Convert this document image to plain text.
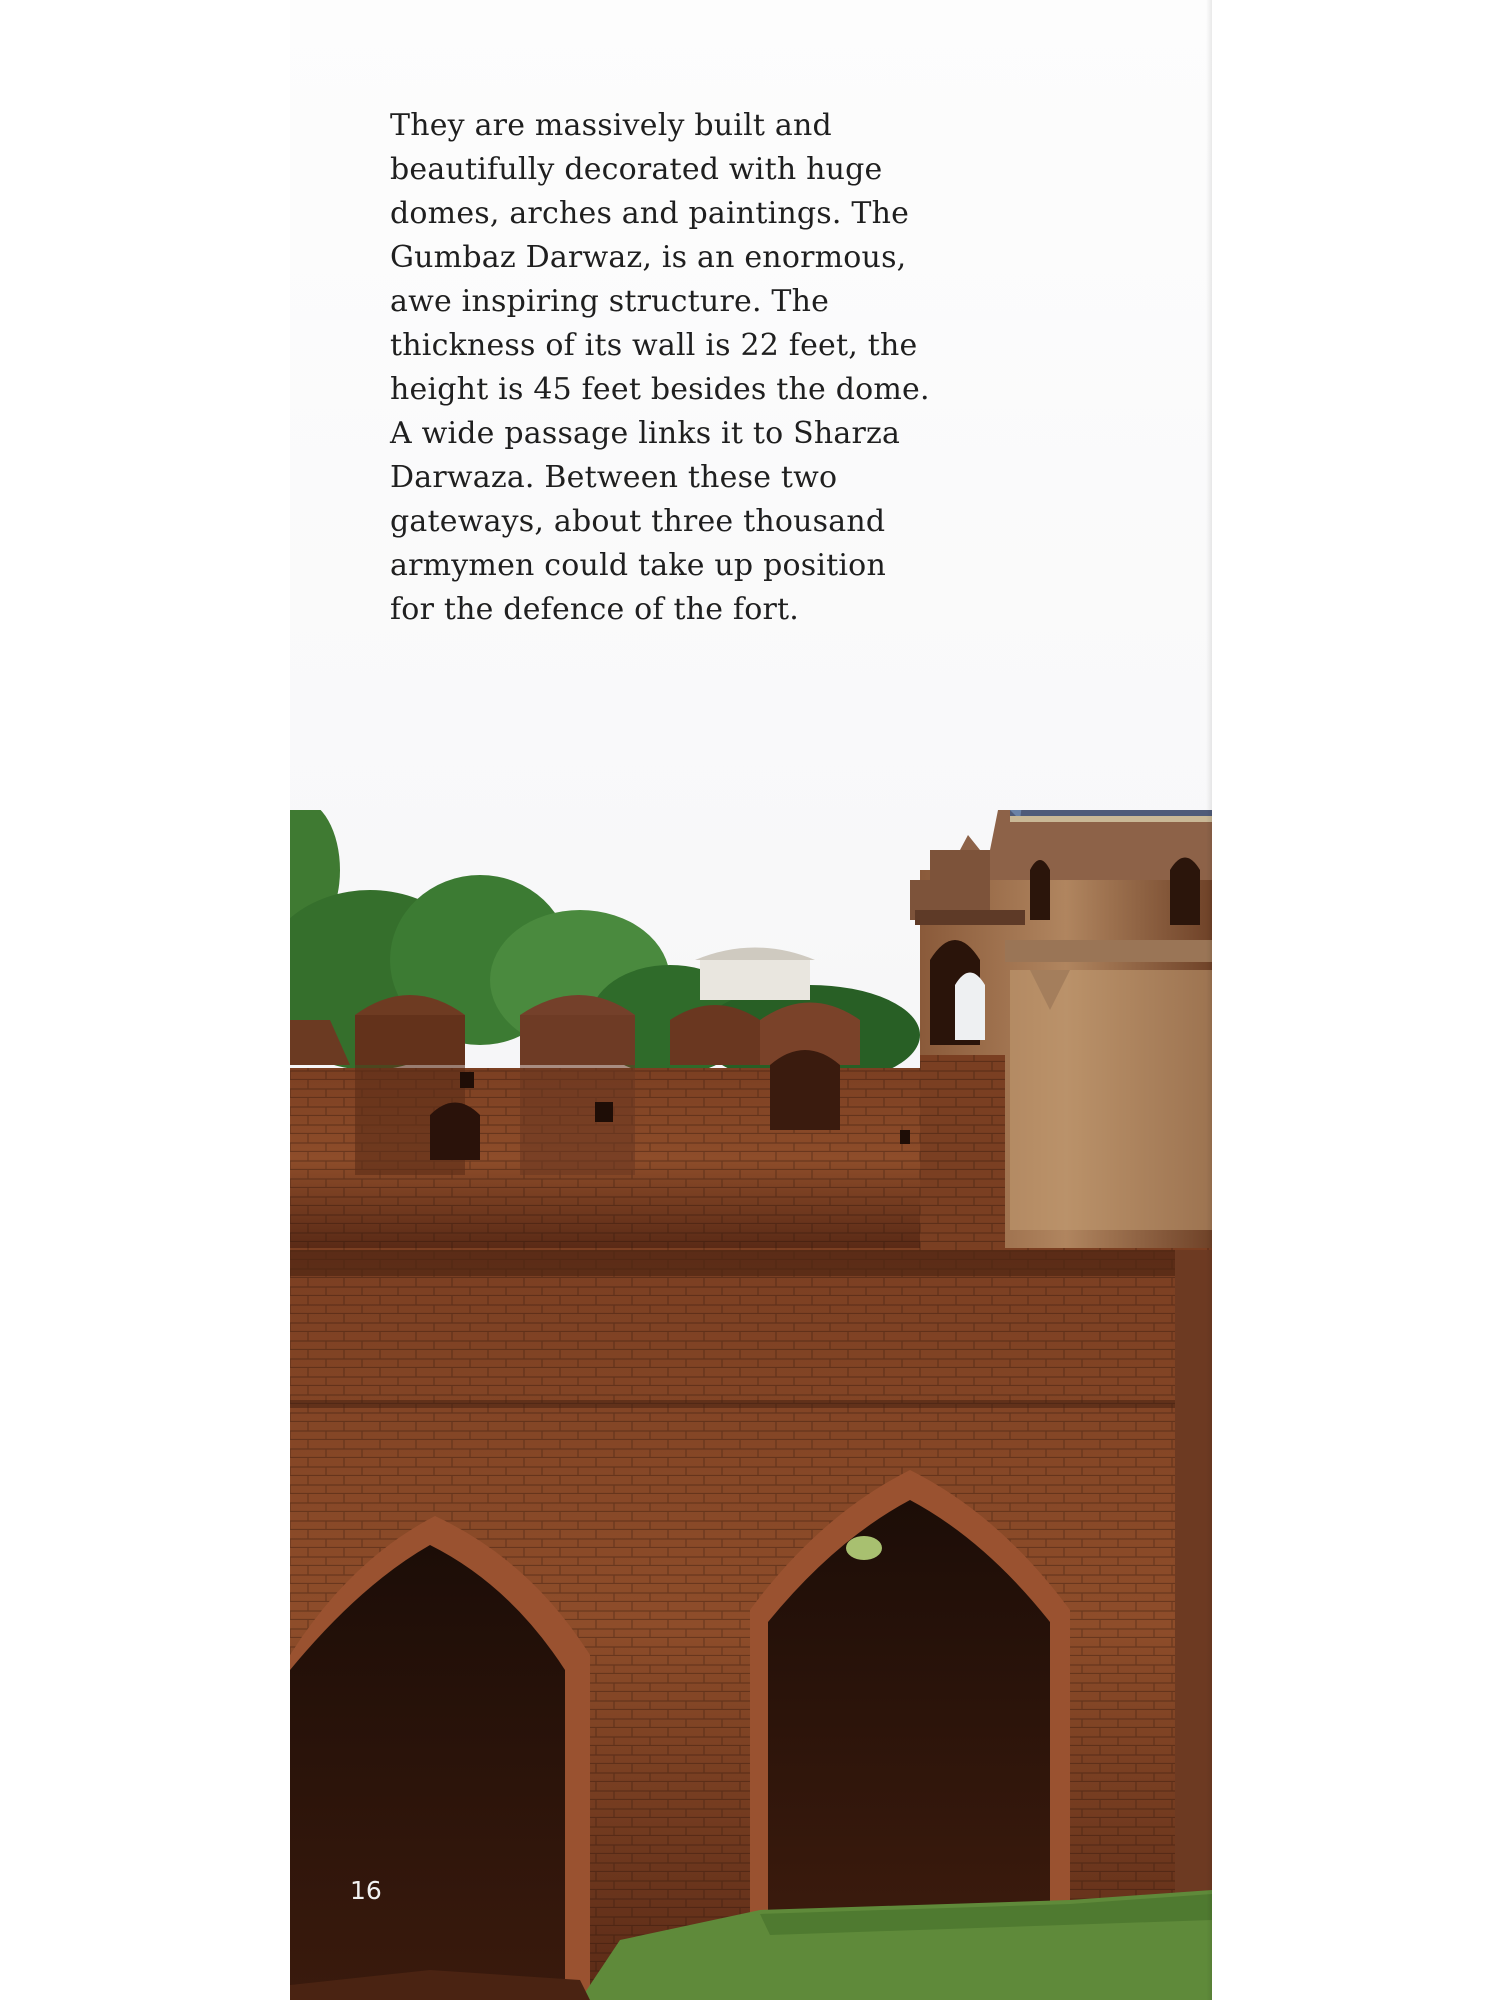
They are massively built and
beautifully decorated with huge
domes, arches and paintings. The
Gumbaz Darwaz, is an enormous,
awe inspiring structure. The
thickness of its wall is 22 feet, the
height is 45 feet besides the dome.
A wide passage links it to Sharza
Darwaza. Between these two
gateways, about three thousand
armymen could take up position
for the defence of the fort.

16
